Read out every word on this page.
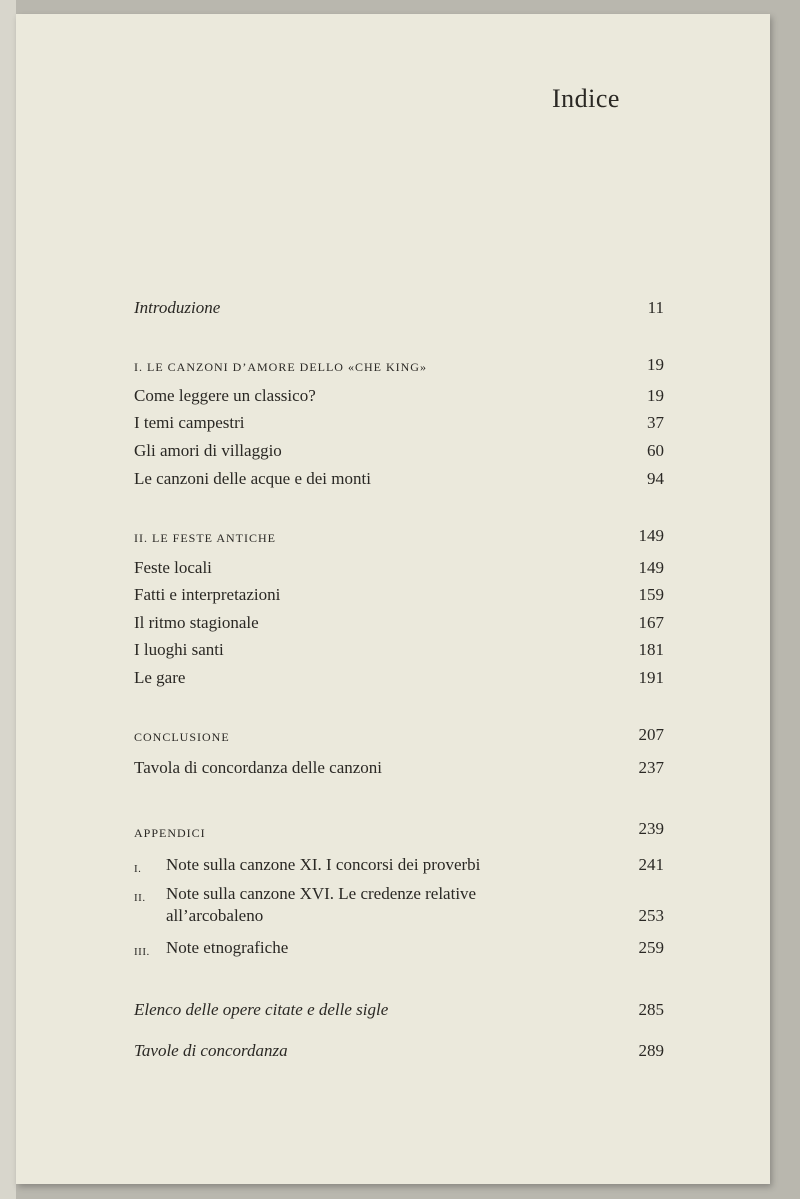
Indice
Introduzione	11
I. LE CANZONI D’AMORE DELLO «CHE KING»	19
Come leggere un classico?	19
I temi campestri	37
Gli amori di villaggio	60
Le canzoni delle acque e dei monti	94
II. LE FESTE ANTICHE	149
Feste locali	149
Fatti e interpretazioni	159
Il ritmo stagionale	167
I luoghi santi	181
Le gare	191
CONCLUSIONE	207
Tavola di concordanza delle canzoni	237
APPENDICI	239
I. Note sulla canzone XI. I concorsi dei proverbi	241
II. Note sulla canzone XVI. Le credenze relative
all’arcobaleno	253
III. Note etnografiche	259
Elenco delle opere citate e delle sigle	285
Tavole di concordanza	289
